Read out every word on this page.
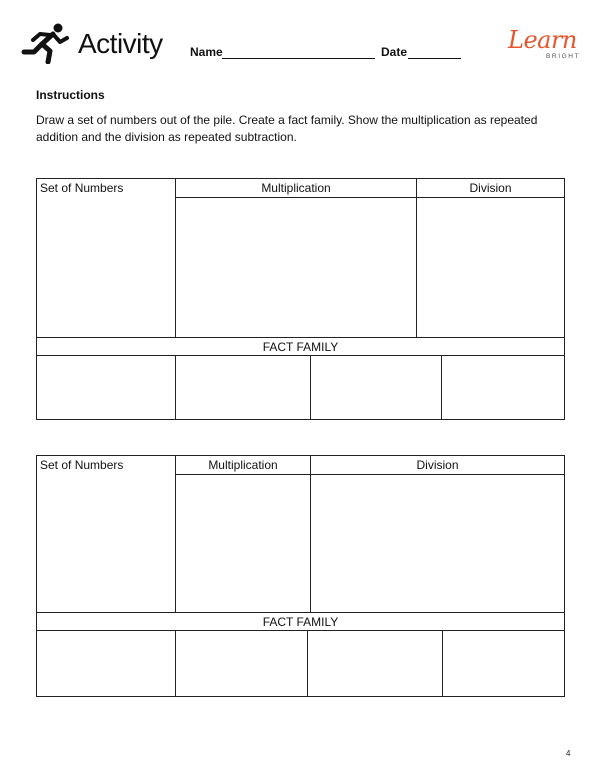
Activity Name	Date	Learn
BRIGHT
Instructions
Draw a set of numbers out of the pile. Create a fact family. Show the multiplication as repeated addition and the division as repeated subtraction.
Set of Numbers	Multiplication	Division
FACT FAMILY
Set of Numbers	Multiplication	Division
FACT FAMILY
4
